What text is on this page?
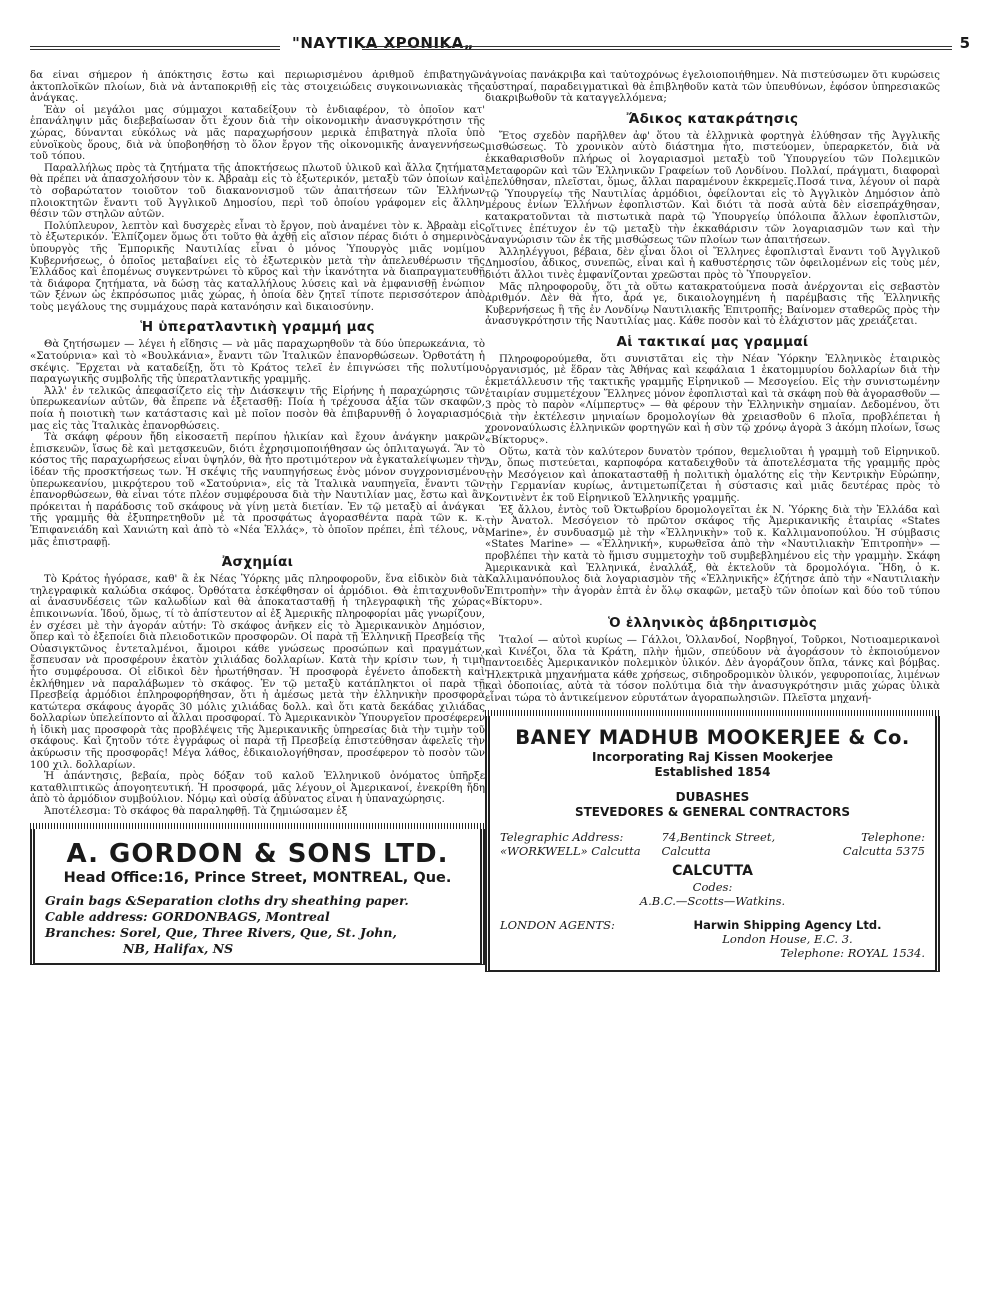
"ΝΑΥΤΙΚΑ ΧΡΟΝΙΚΑ„	5

δα εἶναι σήμερον ἡ ἀπόκτησις ἔστω καὶ περιωρισμένου ἀριθμοῦ ἐπιβατηγῶν ἀκτοπλοϊκῶν πλοίων, διὰ νὰ ἀνταποκριθῇ εἰς τὰς στοιχειώδεις συγκοινωνιακὰς τῆς ἀνάγκας.

Ἐὰν οἱ μεγάλοι μας σύμμαχοι καταδείξουν τὸ ἐνδιαφέρον, τὸ ὁποῖον κατ' ἐπανάληψιν μᾶς διεβεβαίωσαν ὅτι ἔχουν διὰ τὴν οἰκονομικὴν ἀνασυγκρότησιν τῆς χώρας, δύνανται εὐκόλως νὰ μᾶς παραχωρήσουν μερικὰ ἐπιβατηγὰ πλοῖα ὑπὸ εὐνοϊκοὺς ὅρους, διὰ νὰ ὑποβοηθήσῃ τὸ ὅλον ἔργον τῆς οἰκονομικῆς ἀναγεννήσεως τοῦ τόπου.

Παραλλήλως πρὸς τὰ ζητήματα τῆς ἀποκτήσεως πλωτοῦ ὑλικοῦ καὶ ἄλλα ζητήματα θὰ πρέπει νὰ ἀπασχολήσουν τὸν κ. Ἀβραὰμ εἰς τὸ ἐξωτερικόν, μεταξὺ τῶν ὁποίων καὶ τὸ σοβαρώτατον τοιοῦτον τοῦ διακανονισμοῦ τῶν ἀπαιτήσεων τῶν Ἑλλήνων πλοιοκτητῶν ἔναντι τοῦ Ἀγγλικοῦ Δημοσίου, περὶ τοῦ ὁποίου γράφομεν εἰς ἄλλην θέσιν τῶν στηλῶν αὐτῶν.

Πολύπλευρον, λεπτὸν καὶ δυσχερὲς εἶναι τὸ ἔργον, ποὺ ἀναμένει τὸν κ. Ἀβραὰμ εἰς τὸ ἐξωτερικόν. Ἐλπίζομεν ὅμως ὅτι τοῦτο θὰ ἀχθῇ εἰς αἴσιον πέρας διότι ὁ σημερινὸς ὑπουργὸς τῆς Ἐμπορικῆς Ναυτιλίας εἶναι ὁ μόνος Ὑπουργὸς μιᾶς νομίμου Κυβερνήσεως, ὁ ὁποῖος μεταβαίνει εἰς τὸ ἐξωτερικὸν μετὰ τὴν ἀπελευθέρωσιν τῆς Ἑλλάδος καὶ ἑπομένως συγκεντρώνει τὸ κῦρος καὶ τὴν ἱκανότητα νὰ διαπραγματευθῇ τὰ διάφορα ζητήματα, νὰ δώσῃ τὰς καταλλήλους λύσεις καὶ νὰ ἐμφανισθῇ ἐνώπιον τῶν ξένων ὡς ἐκπρόσωπος μιᾶς χώρας, ἡ ὁποία δὲν ζητεῖ τίποτε περισσότερον ἀπὸ τοὺς μεγάλους της συμμάχους παρὰ κατανόησιν καὶ δικαιοσύνην.

Ἡ ὑπερατλαντικὴ γραμμή μας

Θὰ ζητήσωμεν — λέγει ἡ εἴδησις — νὰ μᾶς παραχωρηθοῦν τὰ δύο ὑπερωκεάνια, τὸ «Σατούρνια» καὶ τὸ «Βουλκάνια», ἔναντι τῶν Ἰταλικῶν ἐπανορθώσεων. Ὀρθοτάτη ἡ σκέψις. Ἔρχεται νὰ καταδείξῃ, ὅτι τὸ Κράτος τελεῖ ἐν ἐπιγνώσει τῆς πολυτίμου παραγωγικῆς συμβολῆς τῆς ὑπερατλαντικῆς γραμμῆς.

Ἀλλ' ἐν τελικῶς ἀπεφασίζετο εἰς τὴν Διάσκεψιν τῆς Εἰρήνης ἡ παραχώρησις τῶν ὑπερωκεανίων αὐτῶν, θὰ ἔπρεπε νὰ ἐξετασθῇ: Ποία ἡ τρέχουσα ἀξία τῶν σκαφῶν, ποία ἡ ποιοτικὴ των κατάστασις καὶ μὲ ποῖον ποσὸν θὰ ἐπιβαρυνθῇ ὁ λογαριασμός μας εἰς τὰς Ἰταλικὰς ἐπανορθώσεις.

Τὰ σκάφη φέρουν ἤδη εἰκοσαετῆ περίπου ἡλικίαν καὶ ἔχουν ἀνάγκην μακρῶν ἐπισκευῶν, ἴσως δὲ καὶ μετασκευῶν, διότι ἐχρησιμοποιήθησαν ὡς ὁπλιταγωγά. Ἂν τὸ κόστος τῆς παραχωρήσεως εἶναι ὑψηλόν, θὰ ἦτο προτιμότερον νὰ ἐγκαταλείψωμεν τὴν ἰδέαν τῆς προσκτήσεως των. Ἡ σκέψις τῆς ναυπηγήσεως ἑνὸς μόνον συγχρονισμένου ὑπερωκεανίου, μικρότερου τοῦ «Σατούρνια», εἰς τὰ Ἰταλικὰ ναυπηγεῖα, ἔναντι τῶν ἐπανορθώσεων, θὰ εἶναι τότε πλέον συμφέρουσα διὰ τὴν Ναυτιλίαν μας, ἔστω καὶ ἂν πρόκειται ἡ παράδοσις τοῦ σκάφους νὰ γίνῃ μετὰ διετίαν. Ἐν τῷ μεταξὺ αἱ ἀνάγκαι τῆς γραμμῆς θὰ ἐξυπηρετηθοῦν μὲ τὰ προσφάτως ἀγορασθέντα παρὰ τῶν κ. κ. Ἐπιφανειάδη καὶ Χανιώτη καὶ ἀπὸ τὸ «Νέα Ἑλλάς», τὸ ὁποῖον πρέπει, ἐπὶ τέλους, νὰ μᾶς ἐπιστραφῇ.

Ἀσχημίαι

Τὸ Κράτος ἠγόρασε, καθ' ἃ ἐκ Νέας Ὑόρκης μᾶς πληροφοροῦν, ἕνα εἰδικὸν διὰ τὰ τηλεγραφικὰ καλώδια σκάφος. Ὀρθότατα ἐσκέφθησαν οἱ ἁρμόδιοι. Θὰ ἐπιταχυνθοῦν αἱ ἀνασυνδέσεις τῶν καλωδίων καὶ θὰ ἀποκατασταθῇ ἡ τηλεγραφικὴ τῆς χώρας ἐπικοινωνία. Ἰδού, ὅμως, τί τὸ ἀπίστευτον αἱ ἐξ Ἀμερικῆς πληροφορίαι μᾶς γνωρίζουν, ἐν σχέσει μὲ τὴν ἀγοράν αὐτήν: Τὸ σκάφος ἀνῆκεν εἰς τὸ Ἀμερικανικὸν Δημόσιον, ὅπερ καὶ τὸ ἐξεποίει διὰ πλειοδοτικῶν προσφορῶν. Οἱ παρὰ τῇ Ἑλληνικῇ Πρεσβείᾳ τῆς Οὐασιγκτῶνος ἐντεταλμένοι, ἄμοιροι κάθε γνώσεως προσώπων καὶ πραγμάτων, ἔσπευσαν νὰ προσφέρουν ἑκατὸν χιλιάδας δολλαρίων. Κατὰ τὴν κρίσιν των, ἡ τιμὴ ἦτο συμφέρουσα. Οἱ εἰδικοὶ δὲν ἠρωτήθησαν. Ἡ προσφορὰ ἐγένετο ἀποδεκτὴ καὶ ἐκλήθημεν νὰ παραλάβωμεν τὸ σκάφος. Ἐν τῷ μεταξὺ κατάπληκτοι οἱ παρὰ τῇ Πρεσβείᾳ ἁρμόδιοι ἐπληροφορήθησαν, ὅτι ἡ ἀμέσως μετὰ τὴν ἑλληνικὴν προσφορὰ κατώτερα σκάφους ἀγορᾶς 30 μόλις χιλιάδας δολλ. καὶ ὅτι κατὰ δεκάδας χιλιάδας δολλαρίων ὑπελείποντο αἱ ἄλλαι προσφοραί. Τὸ Ἀμερικανικὸν Ὑπουργεῖον προσέφερεν ἡ ἰδικὴ μας προσφορὰ τὰς προβλέψεις τῆς Ἀμερικανικῆς ὑπηρεσίας διὰ τὴν τιμὴν τοῦ σκάφους. Καὶ ζητοῦν τότε ἐγγράφως οἱ παρὰ τῇ Πρεσβείᾳ ἐπιστεύθησαν ἀφελεῖς τὴν ἀκύρωσιν τῆς προσφορᾶς! Μέγα λάθος, ἐδικαιολογήθησαν, προσέφερον τὸ ποσὸν τῶν 100 χιλ. δολλαρίων.

Ἡ ἀπάντησις, βεβαία, πρὸς δόξαν τοῦ καλοῦ Ἑλληνικοῦ ὀνόματος ὑπῆρξε καταθλιπτικῶς ἀπογοητευτική. Ἡ προσφορά, μᾶς λέγουν οἱ Ἀμερικανοί, ἐνεκρίθη ἤδη ἀπὸ τὸ ἁρμόδιον συμβούλιον. Νόμῳ καὶ οὐσίᾳ ἀδύνατος εἶναι ἡ ὑπαναχώρησις.

Ἀποτέλεσμα: Τὸ σκάφος θὰ παραληφθῇ. Τὰ ζημιώσαμεν ἐξ

A. GORDON & SONS LTD.
Head Office:16, Prince Street, MONTREAL, Que.
Grain bags &Separation cloths dry sheathing paper.
Cable address: GORDONBAGS, Montreal
Branches: Sorel, Que, Three Rivers, Que, St. John,
NB, Halifax, NS

ἀγνοίας πανάκριβα καὶ ταὐτοχρόνως ἐγελοιοποιήθημεν. Νὰ πιστεύσωμεν ὅτι κυρώσεις αὐστηραί, παραδειγματικαὶ θὰ ἐπιβληθοῦν κατὰ τῶν ὑπευθύνων, ἐφόσον ὑπηρεσιακῶς διακριβωθοῦν τὰ καταγγελλόμενα;

Ἄδικος κατακράτησις

Ἔτος σχεδὸν παρῆλθεν ἀφ' ὅτου τὰ ἑλληνικὰ φορτηγὰ ἐλύθησαν τῆς Ἀγγλικῆς μισθώσεως. Τὸ χρονικὸν αὐτὸ διάστημα ἦτο, πιστεύομεν, ὑπεραρκετόν, διὰ νὰ ἐκκαθαρισθοῦν πλήρως οἱ λογαριασμοὶ μεταξὺ τοῦ Ὑπουργείου τῶν Πολεμικῶν Μεταφορῶν καὶ τῶν Ἑλληνικῶν Γραφείων τοῦ Λονδίνου. Πολλαί, πράγματι, διαφοραὶ ἐπελύθησαν, πλεῖσται, ὅμως, ἄλλαι παραμένουν ἐκκρεμεῖς.Ποσά τινα, λέγουν οἱ παρὰ τῷ Ὑπουργείῳ τῆς Ναυτιλίας ἁρμόδιοι, ὀφείλονται εἰς τὸ Ἀγγλικὸν Δημόσιον ἀπὸ μέρους ἐνίων Ἑλλήνων ἐφοπλιστῶν. Καὶ διότι τὰ ποσὰ αὐτὰ δὲν εἰσεπράχθησαν, κατακρατοῦνται τὰ πιστωτικὰ παρὰ τῷ Ὑπουργείῳ ὑπόλοιπα ἄλλων ἐφοπλιστῶν, οἵτινες ἐπέτυχον ἐν τῷ μεταξὺ τὴν ἐκκαθάρισιν τῶν λογαριασμῶν των καὶ τὴν ἀναγνώρισιν τῶν ἐκ τῆς μισθώσεως τῶν πλοίων των ἀπαιτήσεων.

Ἀλληλέγγυοι, βέβαια, δὲν εἶναι ὅλοι οἱ Ἕλληνες ἐφοπλισταὶ ἔναντι τοῦ Ἀγγλικοῦ Δημοσίου, ἄδικος, συνεπῶς, εἶναι καὶ ἡ καθυστέρησις τῶν ὀφειλομένων εἰς τοὺς μέν, διότι ἄλλοι τινὲς ἐμφανίζονται χρεῶσται πρὸς τὸ Ὑπουργεῖον.

Μᾶς πληροφοροῦν, ὅτι τὰ οὕτω κατακρατούμενα ποσὰ ἀνέρχονται εἰς σεβαστὸν ἀριθμόν. Δὲν θὰ ἦτο, ἆρά γε, δικαιολογημένη ἡ παρέμβασις τῆς Ἑλληνικῆς Κυβερνήσεως ἢ τῆς ἐν Λονδίνῳ Ναυτιλιακῆς Ἐπιτροπῆς; Βαίνομεν σταθερῶς πρὸς τὴν ἀνασυγκρότησιν τῆς Ναυτιλίας μας. Κάθε ποσὸν καὶ τὸ ἐλάχιστον μᾶς χρειάζεται.

Αἱ τακτικαί μας γραμμαί

Πληροφορούμεθα, ὅτι συνιστᾶται εἰς τὴν Νέαν Ὑόρκην Ἑλληνικὸς ἑταιρικὸς ὀργανισμός, μὲ ἕδραν τὰς Ἀθήνας καὶ κεφάλαια 1 ἑκατομμυρίου δολλαρίων διὰ τὴν ἐκμετάλλευσιν τῆς τακτικῆς γραμμῆς Εἰρηνικοῦ — Μεσογείου. Εἰς τὴν συνιστωμένην ἑταιρίαν συμμετέχουν Ἕλληνες μόνον ἐφοπλισταὶ καὶ τὰ σκάφη ποὺ θὰ ἀγορασθοῦν — 3 πρὸς τὸ παρὸν «Λίμπερτυς» — θὰ φέρουν τὴν Ἑλληνικὴν σημαίαν. Δεδομένου, ὅτι διὰ τὴν ἐκτέλεσιν μηνιαίων δρομολογίων θὰ χρειασθοῦν 6 πλοῖα, προβλέπεται ἡ χρονοναύλωσις ἑλληνικῶν φορτηγῶν καὶ ἡ σὺν τῷ χρόνῳ ἀγορὰ 3 ἀκόμη πλοίων, ἴσως «Βίκτορυς».

Οὕτω, κατὰ τὸν καλύτερον δυνατὸν τρόπον, θεμελιοῦται ἡ γραμμὴ τοῦ Εἰρηνικοῦ. Ἄν, ὅπως πιστεύεται, καρποφόρα καταδειχθοῦν τὰ ἀποτελέσματα τῆς γραμμῆς πρὸς τὴν Μεσόγειον καὶ ἀποκατασταθῇ ἡ πολιτικὴ ὁμαλότης εἰς τὴν Κεντρικὴν Εὐρώπην, τὴν Γερμανίαν κυρίως, ἀντιμετωπίζεται ἡ σύστασις καὶ μιᾶς δευτέρας πρὸς τὸ Κοντινὲντ ἐκ τοῦ Εἰρηνικοῦ Ἑλληνικῆς γραμμῆς.

Ἐξ ἄλλου, ἐντὸς τοῦ Ὀκτωβρίου δρομολογεῖται ἐκ Ν. Ὑόρκης διὰ τὴν Ἑλλάδα καὶ τὴν Ἀνατολ. Μεσόγειον τὸ πρῶτον σκάφος τῆς Ἀμερικανικῆς ἑταιρίας «States Marine», ἐν συνδυασμῷ μὲ τὴν «Ἑλληνικὴν» τοῦ κ. Καλλιμανοπούλου. Ἡ σύμβασις «States Marine» — «Ἑλληνική», κυρωθεῖσα ἀπὸ τὴν «Ναυτιλιακὴν Ἐπιτροπὴν» — προβλέπει τὴν κατὰ τὸ ἥμισυ συμμετοχὴν τοῦ συμβεβλημένου εἰς τὴν γραμμὴν. Σκάφη Ἀμερικανικὰ καὶ Ἑλληνικά, ἐναλλάξ, θὰ ἐκτελοῦν τὰ δρομολόγια. Ἤδη, ὁ κ. Καλλιμανόπουλος διὰ λογαριασμὸν τῆς «Ἑλληνικῆς» ἐζήτησε ἀπὸ τὴν «Ναυτιλιακὴν Ἐπιτροπὴν» τὴν ἀγορὰν ἑπτὰ ἐν ὅλῳ σκαφῶν, μεταξὺ τῶν ὁποίων καὶ δύο τοῦ τύπου «Βίκτορυ».

Ὁ ἑλληνικὸς ἀβδηριτισμὸς

Ἰταλοί — αὐτοὶ κυρίως — Γάλλοι, Ὁλλανδοί, Νορβηγοί, Τοῦρκοι, Νοτιοαμερικανοὶ καὶ Κινέζοι, ὅλα τὰ Κράτη, πλὴν ἡμῶν, σπεύδουν νὰ ἀγοράσουν τὸ ἐκποιούμενον παντοειδὲς Ἀμερικανικὸν πολεμικὸν ὑλικόν. Δὲν ἀγοράζουν ὅπλα, τάνκς καὶ βόμβας. Ἠλεκτρικὰ μηχανήματα κάθε χρήσεως, σιδηροδρομικὸν ὑλικόν, γεφυροποιίας, λιμένων καὶ ὁδοποιίας, αὐτὰ τὰ τόσον πολύτιμα διὰ τὴν ἀνασυγκρότησιν μιᾶς χώρας ὑλικὰ εἶναι τώρα τὸ ἀντικείμενον εὐρυτάτων ἀγοραπωλησιῶν. Πλεῖστα μηχανή-

BANEY MADHUB MOOKERJEE & Co.
Incorporating Raj Kissen Mookerjee
Established 1854
DUBASHES
STEVEDORES & GENERAL CONTRACTORS
Telegraphic Address:
«WORKWELL» Calcutta
74,Bentinck Street,
Calcutta
Telephone:
Calcutta 5375
CALCUTTA
Codes:
A.B.C.—Scotts—Watkins.
LONDON AGENTS:	Harwin Shipping Agency Ltd.
London House, E.C. 3.
Telephone: ROYAL 1534.
